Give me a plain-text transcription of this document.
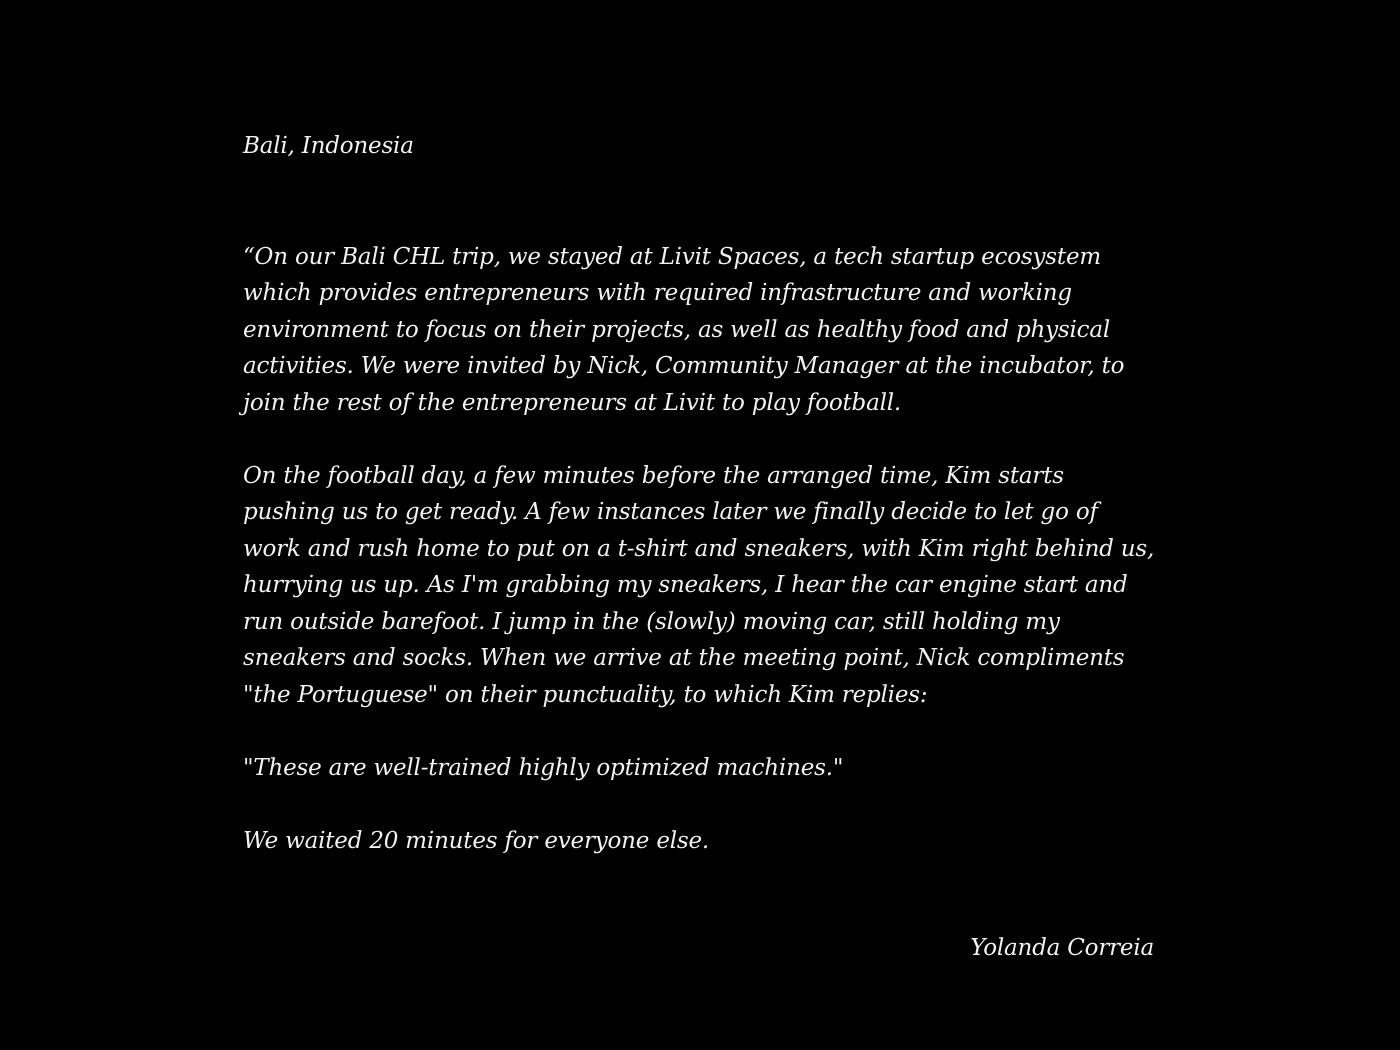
Bali, Indonesia

“On our Bali CHL trip, we stayed at Livit Spaces, a tech startup ecosystem which provides entrepreneurs with required infrastructure and working environment to focus on their projects, as well as healthy food and physical activities. We were invited by Nick, Community Manager at the incubator, to join the rest of the entrepreneurs at Livit to play football.

On the football day, a few minutes before the arranged time, Kim starts pushing us to get ready. A few instances later we finally decide to let go of work and rush home to put on a t-shirt and sneakers, with Kim right behind us, hurrying us up. As I'm grabbing my sneakers, I hear the car engine start and run outside barefoot. I jump in the (slowly) moving car, still holding my sneakers and socks. When we arrive at the meeting point, Nick compliments "the Portuguese" on their punctuality, to which Kim replies:

"These are well-trained highly optimized machines."

We waited 20 minutes for everyone else.

Yolanda Correia
